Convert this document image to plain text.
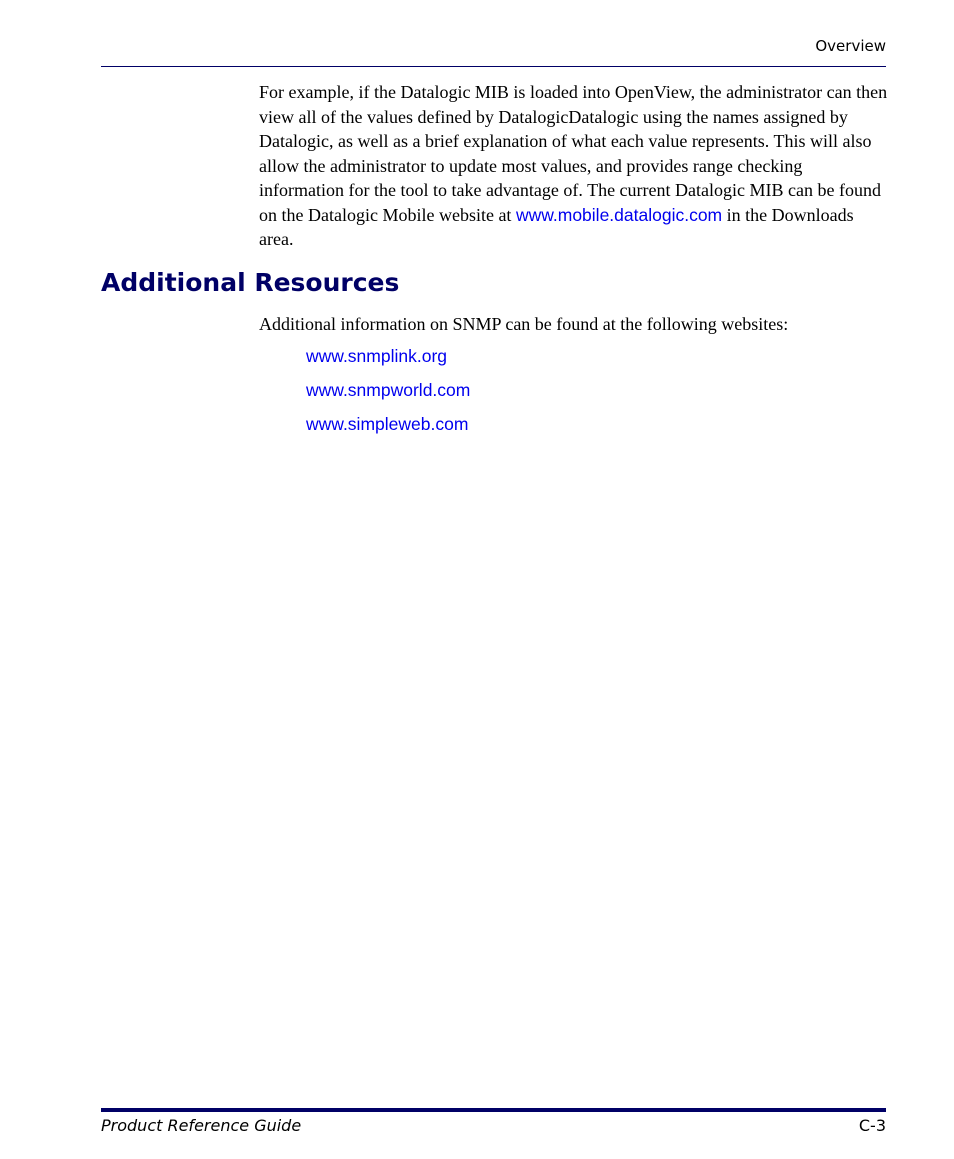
Overview
For example, if the Datalogic MIB is loaded into OpenView, the administrator can then view all of the values defined by DatalogicDatalogic using the names assigned by Datalogic, as well as a brief explanation of what each value represents. This will also allow the administrator to update most values, and provides range checking information for the tool to take advantage of. The current Datalogic MIB can be found on the Datalogic Mobile website at www.mobile.datalogic.com in the Downloads area.
Additional Resources
Additional information on SNMP can be found at the following websites:
www.snmplink.org
www.snmpworld.com
www.simpleweb.com
Product Reference Guide	C-3
